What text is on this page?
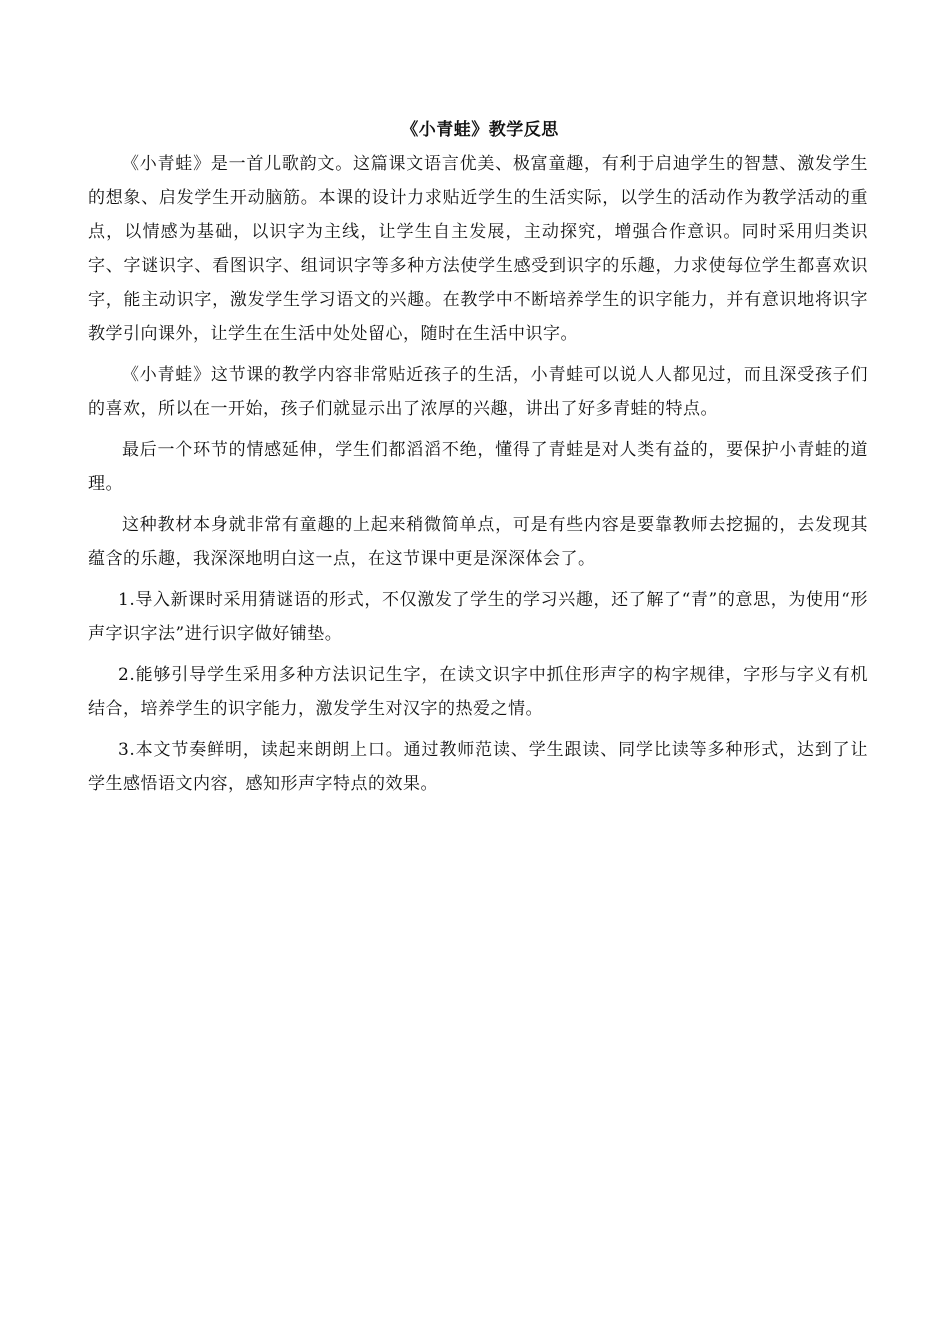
《小青蛙》教学反思

《小青蛙》是一首儿歌韵文。这篇课文语言优美、极富童趣，有利于启迪学生的智慧、激发学生的想象、启发学生开动脑筋。本课的设计力求贴近学生的生活实际，以学生的活动作为教学活动的重点，以情感为基础，以识字为主线，让学生自主发展，主动探究，增强合作意识。同时采用归类识字、字谜识字、看图识字、组词识字等多种方法使学生感受到识字的乐趣，力求使每位学生都喜欢识字，能主动识字，激发学生学习语文的兴趣。在教学中不断培养学生的识字能力，并有意识地将识字教学引向课外，让学生在生活中处处留心，随时在生活中识字。

《小青蛙》这节课的教学内容非常贴近孩子的生活，小青蛙可以说人人都见过，而且深受孩子们的喜欢，所以在一开始，孩子们就显示出了浓厚的兴趣，讲出了好多青蛙的特点。

最后一个环节的情感延伸，学生们都滔滔不绝，懂得了青蛙是对人类有益的，要保护小青蛙的道理。

这种教材本身就非常有童趣的上起来稍微简单点，可是有些内容是要靠教师去挖掘的，去发现其蕴含的乐趣，我深深地明白这一点，在这节课中更是深深体会了。

1.导入新课时采用猜谜语的形式，不仅激发了学生的学习兴趣，还了解了“青”的意思，为使用“形声字识字法”进行识字做好铺垫。

2.能够引导学生采用多种方法识记生字，在读文识字中抓住形声字的构字规律，字形与字义有机结合，培养学生的识字能力，激发学生对汉字的热爱之情。

3.本文节奏鲜明，读起来朗朗上口。通过教师范读、学生跟读、同学比读等多种形式，达到了让学生感悟语文内容，感知形声字特点的效果。
